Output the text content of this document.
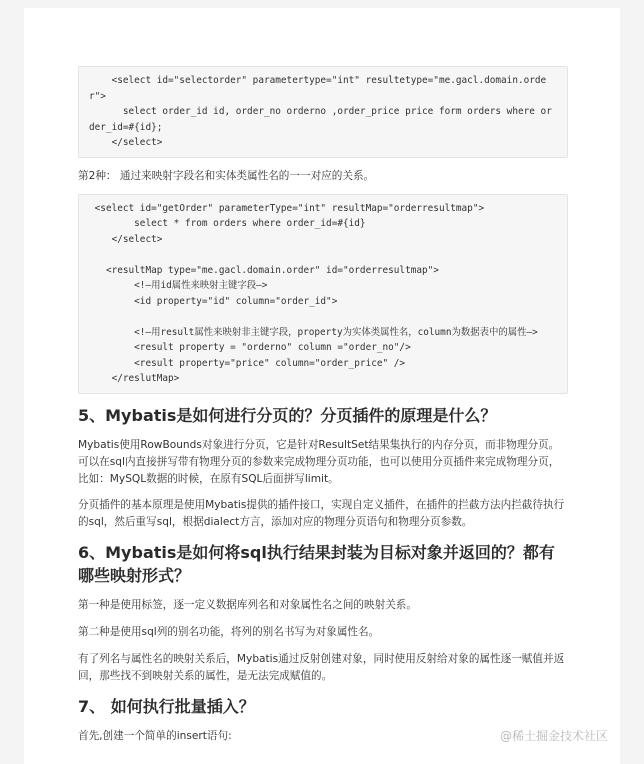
<select id="selectorder" parametertype="int" resultetype="me.gacl.domain.order">
select order_id id, order_no orderno ,order_price price form orders where order_id=#{id};
</select>

第2种： 通过来映射字段名和实体类属性名的一一对应的关系。

<select id="getOrder" parameterType="int" resultMap="orderresultmap">
select * from orders where order_id=#{id}
</select>
<resultMap type="me.gacl.domain.order" id="orderresultmap">
<!–用id属性来映射主键字段–>
<id property="id" column="order_id">
<!–用result属性来映射非主键字段，property为实体类属性名，column为数据表中的属性–>
<result property = "orderno" column ="order_no"/>
<result property="price" column="order_price" />
</reslutMap>
5、Mybatis是如何进行分页的？分页插件的原理是什么？

Mybatis使用RowBounds对象进行分页，它是针对ResultSet结果集执行的内存分页，而非物理分页。可以在sql内直接拼写带有物理分页的参数来完成物理分页功能，也可以使用分页插件来完成物理分页，比如：MySQL数据的时候，在原有SQL后面拼写limit。

分页插件的基本原理是使用Mybatis提供的插件接口，实现自定义插件，在插件的拦截方法内拦截待执行的sql，然后重写sql，根据dialect方言，添加对应的物理分页语句和物理分页参数。

6、Mybatis是如何将sql执行结果封装为目标对象并返回的？都有哪些映射形式？

第一种是使用标签，逐一定义数据库列名和对象属性名之间的映射关系。

第二种是使用sql列的别名功能，将列的别名书写为对象属性名。

有了列名与属性名的映射关系后，Mybatis通过反射创建对象，同时使用反射给对象的属性逐一赋值并返回，那些找不到映射关系的属性，是无法完成赋值的。

7、 如何执行批量插入？

首先,创建一个简单的insert语句:	@稀土掘金技术社区
